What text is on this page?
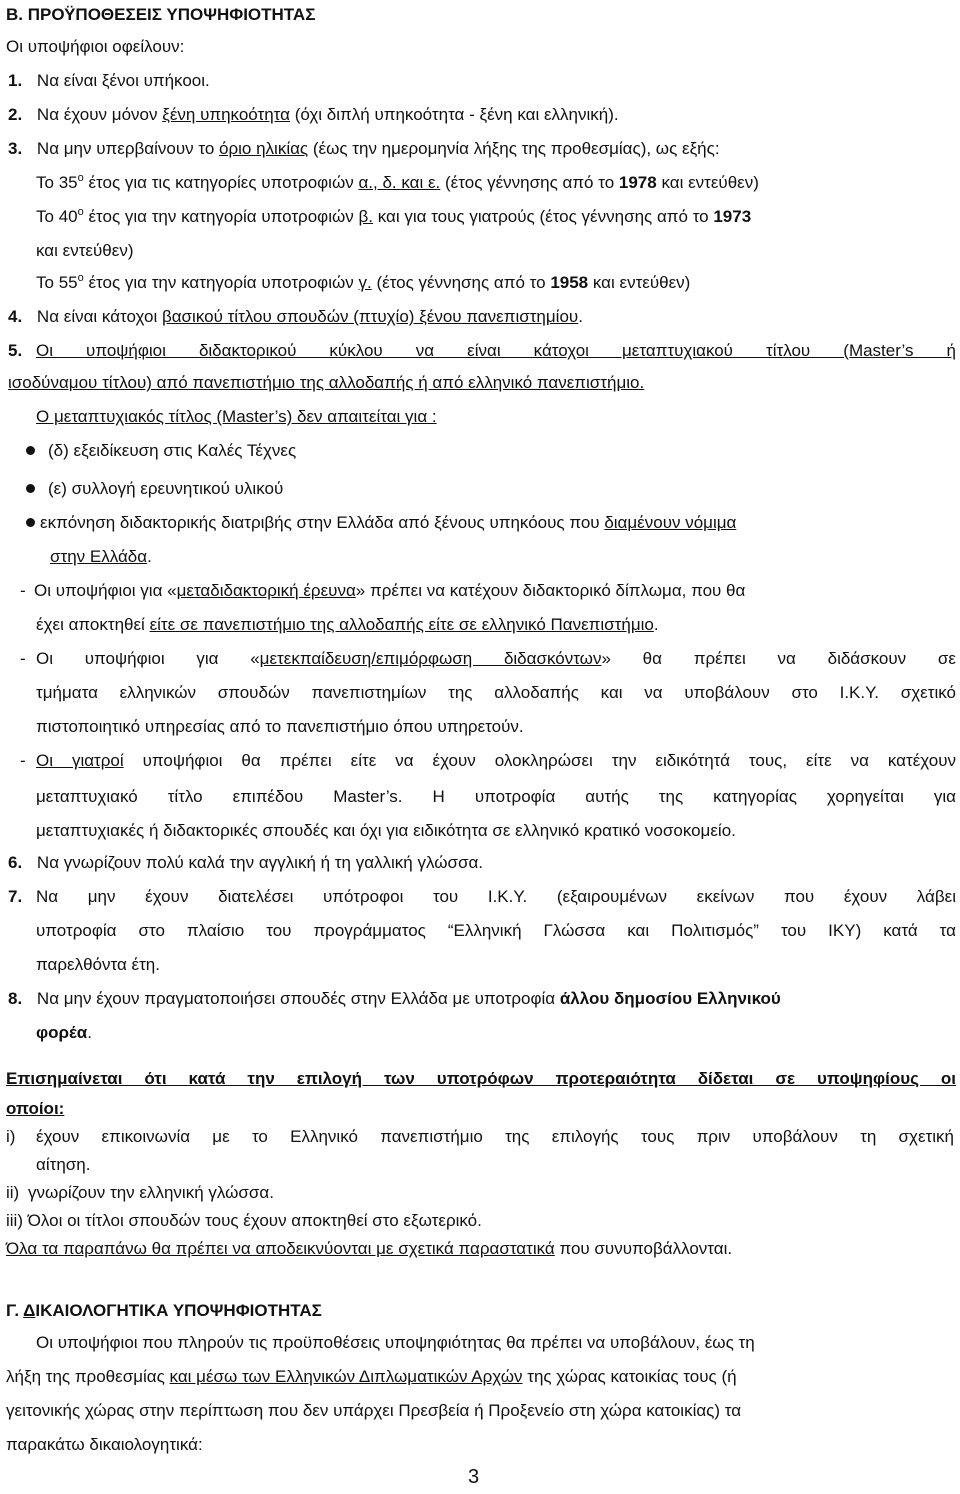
Β. ΠΡΟΫΠΟΘΕΣΕΙΣ ΥΠΟΨΗΦΙΟΤΗΤΑΣ
Οι υποψήφιοι οφείλουν:
1. Να είναι ξένοι υπήκοοι.
2. Να έχουν μόνον ξένη υπηκοότητα (όχι διπλή υπηκοότητα - ξένη και ελληνική).
3. Να μην υπερβαίνουν το όριο ηλικίας (έως την ημερομηνία λήξης της προθεσμίας), ως εξής:
Το $35^o$ έτος για τις κατηγορίες υποτροφιών α., δ. και ε. (έτος γέννησης από το 1978 και εντεύθεν)
Το $40^o$ έτος για την κατηγορία υποτροφιών β. και για τους γιατρούς (έτος γέννησης από το 1973
και εντεύθεν)
Το $55^o$ έτος για την κατηγορία υποτροφιών γ. (έτος γέννησης από το 1958 και εντεύθεν)
4. Να είναι κάτοχοι βασικού τίτλου σπουδών (πτυχίο) ξένου πανεπιστημίου.
5. Οι υποψήφιοι διδακτορικού κύκλου να είναι κάτοχοι μεταπτυχιακού τίτλου (Master’s ή
ισοδύναμου τίτλου) από πανεπιστήμιο της αλλοδαπής ή από ελληνικό πανεπιστήμιο.
Ο μεταπτυχιακός τίτλος (Master’s) δεν απαιτείται για :
(δ) εξειδίκευση στις Καλές Τέχνες
(ε) συλλογή ερευνητικού υλικού
εκπόνηση διδακτορικής διατριβής στην Ελλάδα από ξένους υπηκόους που διαμένουν νόμιμα
στην Ελλάδα.
- Οι υποψήφιοι για «μεταδιδακτορική έρευνα» πρέπει να κατέχουν διδακτορικό δίπλωμα, που θα
έχει αποκτηθεί είτε σε πανεπιστήμιο της αλλοδαπής είτε σε ελληνικό Πανεπιστήμιο.
- Οι υποψήφιοι για «μετεκπαίδευση/επιμόρφωση διδασκόντων» θα πρέπει να διδάσκουν σε
τμήματα ελληνικών σπουδών πανεπιστημίων της αλλοδαπής και να υποβάλουν στο Ι.Κ.Υ. σχετικό
πιστοποιητικό υπηρεσίας από το πανεπιστήμιο όπου υπηρετούν.
- Οι γιατροί υποψήφιοι θα πρέπει είτε να έχουν ολοκληρώσει την ειδικότητά τους, είτε να κατέχουν
μεταπτυχιακό τίτλο επιπέδου Master’s. Η υποτροφία αυτής της κατηγορίας χορηγείται για
μεταπτυχιακές ή διδακτορικές σπουδές και όχι για ειδικότητα σε ελληνικό κρατικό νοσοκομείο.
6. Να γνωρίζουν πολύ καλά την αγγλική ή τη γαλλική γλώσσα.
7. Να μην έχουν διατελέσει υπότροφοι του Ι.Κ.Υ. (εξαιρουμένων εκείνων που έχουν λάβει
υποτροφία στο πλαίσιο του προγράμματος “Ελληνική Γλώσσα και Πολιτισμός” του ΙΚΥ) κατά τα
παρελθόντα έτη.
8. Να μην έχουν πραγματοποιήσει σπουδές στην Ελλάδα με υποτροφία άλλου δημοσίου Ελληνικού
φορέα.
Επισημαίνεται ότι κατά την επιλογή των υποτρόφων προτεραιότητα δίδεται σε υποψηφίους οι
οποίοι:
i) έχουν επικοινωνία με το Ελληνικό πανεπιστήμιο της επιλογής τους πριν υποβάλουν τη σχετική
αίτηση.
ii) γνωρίζουν την ελληνική γλώσσα.
iii) Όλοι οι τίτλοι σπουδών τους έχουν αποκτηθεί στο εξωτερικό.
Όλα τα παραπάνω θα πρέπει να αποδεικνύονται με σχετικά παραστατικά που συνυποβάλλονται.
Γ. ΔΙΚΑΙΟΛΟΓΗΤΙΚΑ ΥΠΟΨΗΦΙΟΤΗΤΑΣ
Οι υποψήφιοι που πληρούν τις προϋποθέσεις υποψηφιότητας θα πρέπει να υποβάλουν, έως τη
λήξη της προθεσμίας και μέσω των Ελληνικών Διπλωματικών Αρχών της χώρας κατοικίας τους (ή
γειτονικής χώρας στην περίπτωση που δεν υπάρχει Πρεσβεία ή Προξενείο στη χώρα κατοικίας) τα
παρακάτω δικαιολογητικά:
3
